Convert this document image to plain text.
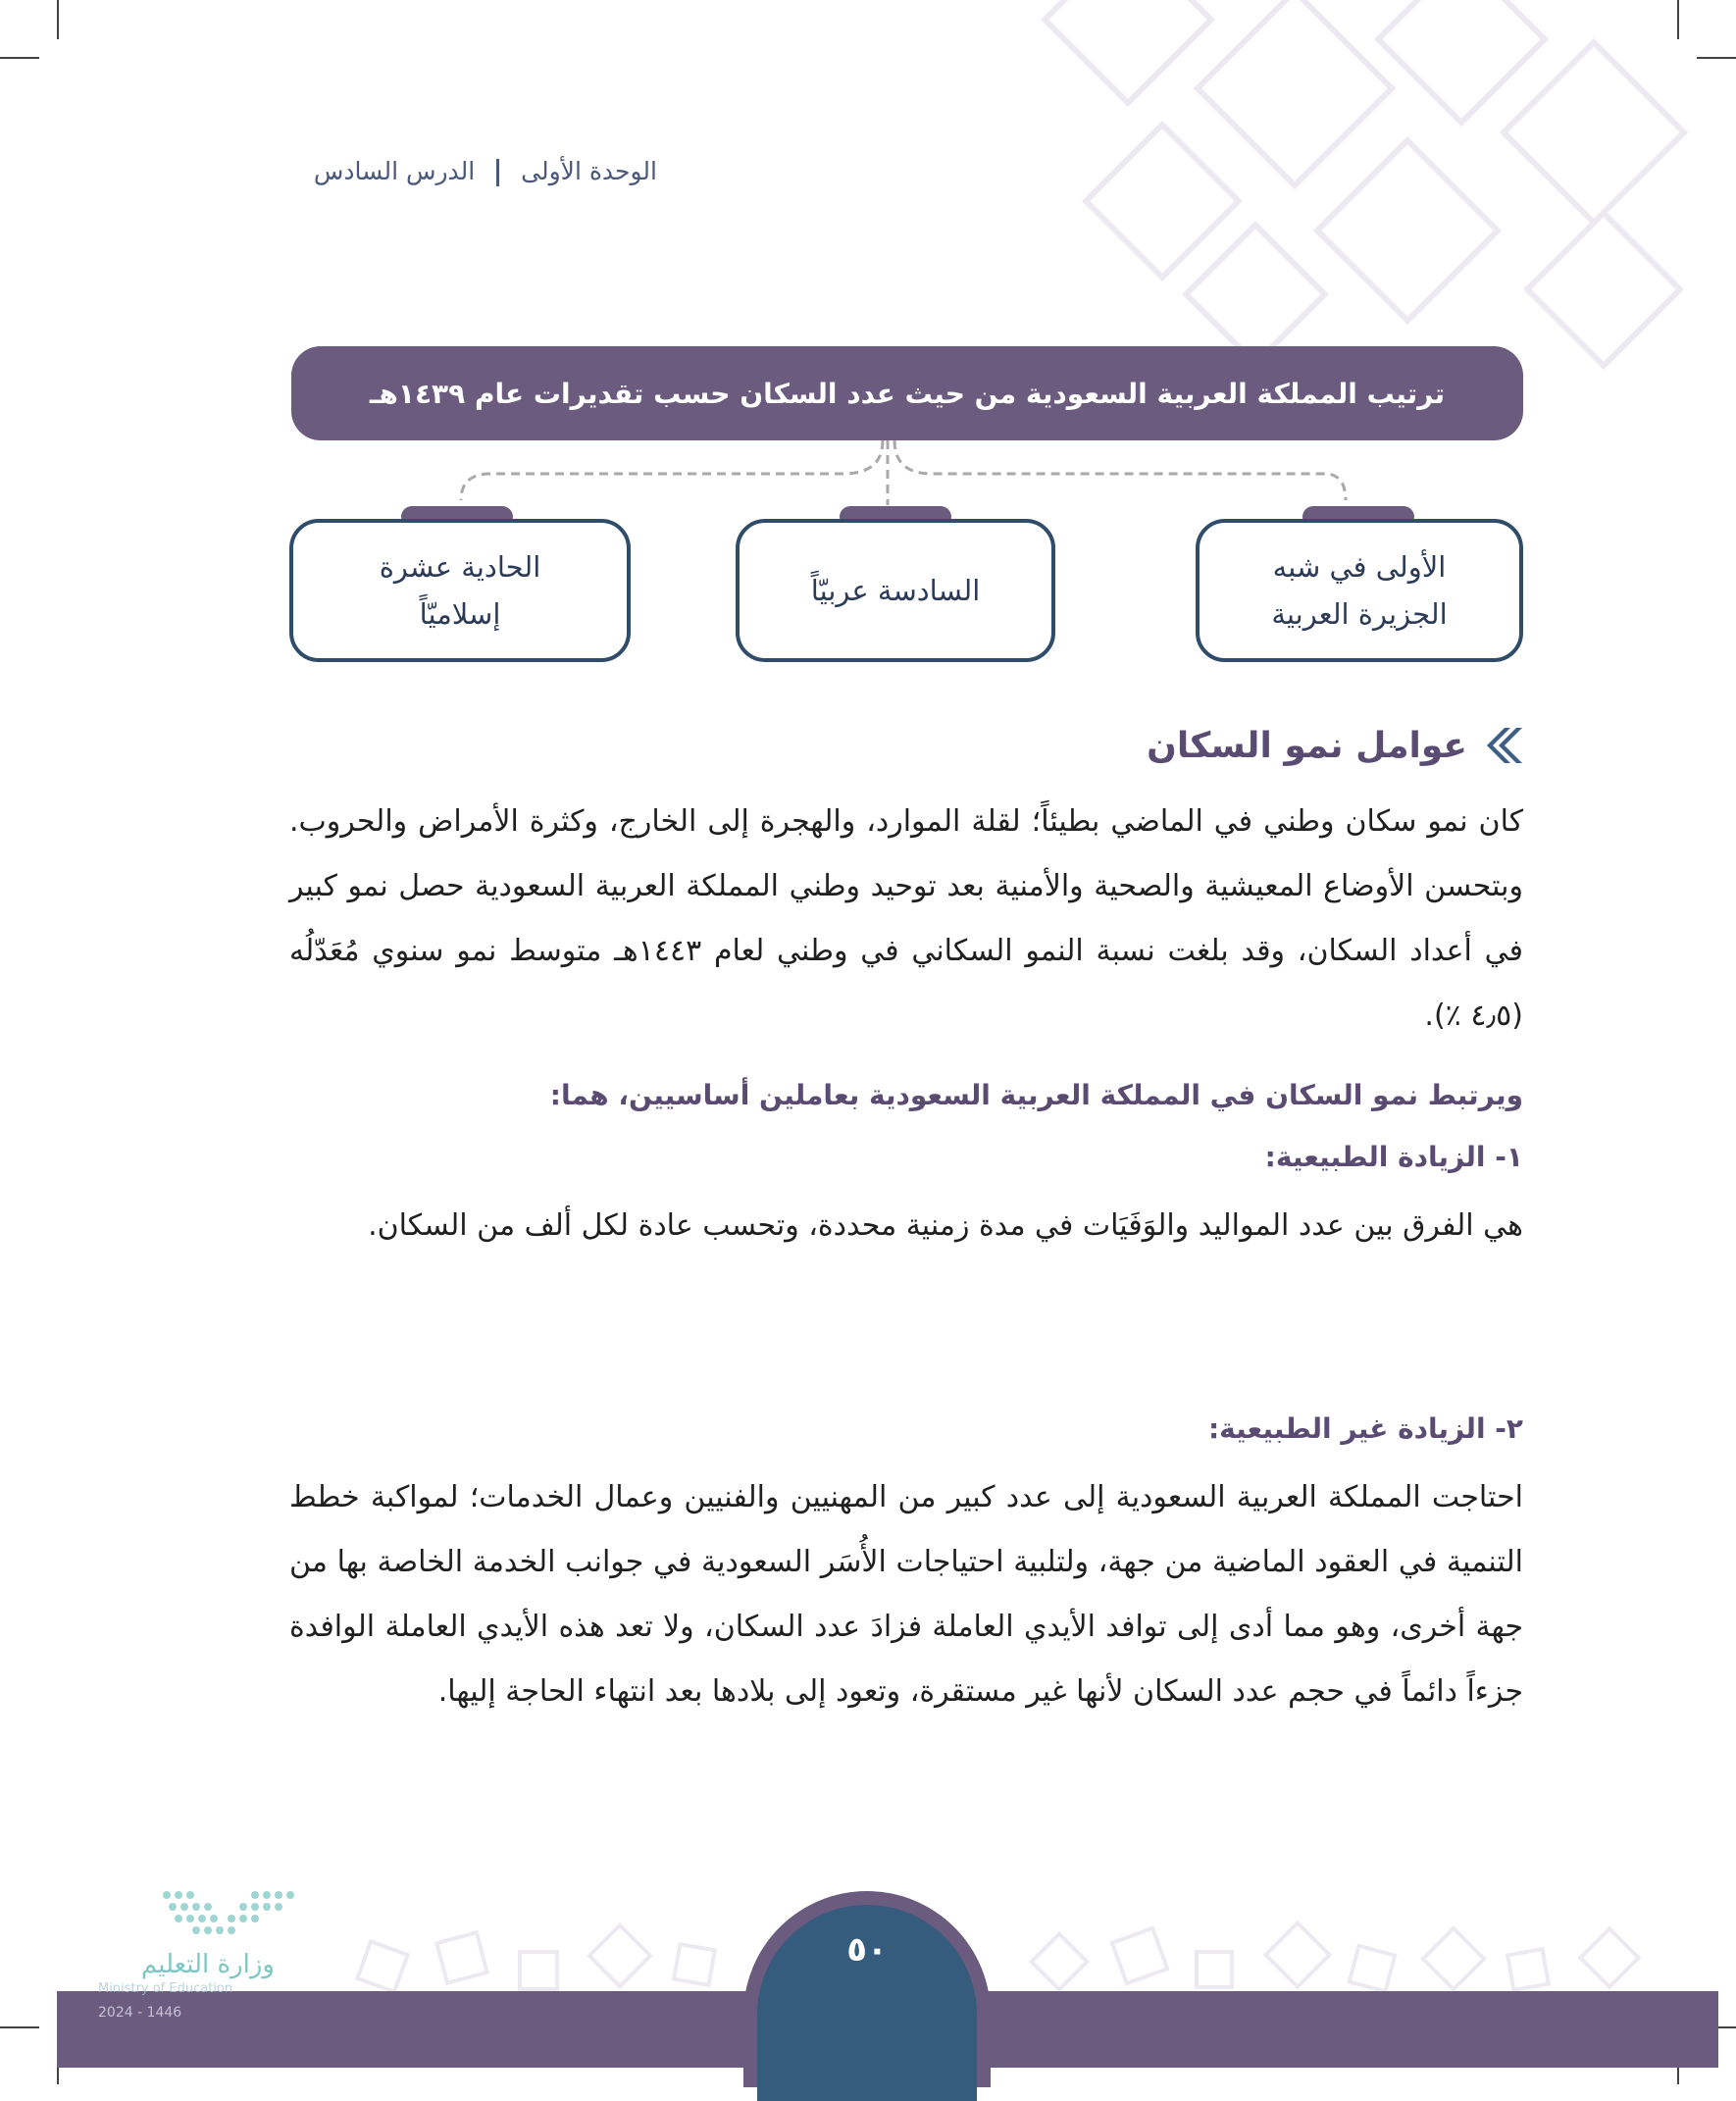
الوحدة الأولى  الدرس السادس
ترتيب المملكة العربية السعودية من حيث عدد السكان حسب تقديرات عام ١٤٣٩هـ
الأولى في شبه
الجزيرة العربية
السادسة عربيّاً
الحادية عشرة
إسلاميّاً
عوامل نمو السكان
كان نمو سكان وطني في الماضي بطيئاً؛ لقلة الموارد، والهجرة إلى الخارج، وكثرة الأمراض والحروب. وبتحسن الأوضاع المعيشية والصحية والأمنية بعد توحيد وطني المملكة العربية السعودية حصل نمو كبير في أعداد السكان، وقد بلغت نسبة النمو السكاني في وطني لعام ١٤٤٣هـ متوسط نمو سنوي مُعَدّلُه (٤٫٥ ٪).
ويرتبط نمو السكان في المملكة العربية السعودية بعاملين أساسيين، هما:
١- الزيادة الطبيعية:
هي الفرق بين عدد المواليد والوَفَيَات في مدة زمنية محددة، وتحسب عادة لكل ألف من السكان.
٢- الزيادة غير الطبيعية:
احتاجت المملكة العربية السعودية إلى عدد كبير من المهنيين والفنيين وعمال الخدمات؛ لمواكبة خطط التنمية في العقود الماضية من جهة، ولتلبية احتياجات الأُسَر السعودية في جوانب الخدمة الخاصة بها من جهة أخرى، وهو مما أدى إلى توافد الأيدي العاملة فزادَ عدد السكان، ولا تعد هذه الأيدي العاملة الوافدة جزءاً دائماً في حجم عدد السكان لأنها غير مستقرة، وتعود إلى بلادها بعد انتهاء الحاجة إليها.
٥٠
وزارة التعليم
Ministry of Education
2024 - 1446
